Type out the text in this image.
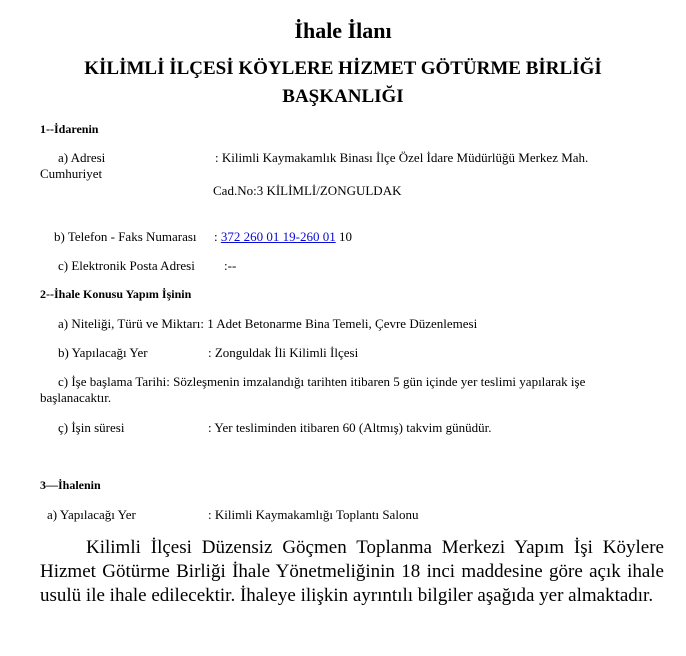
İhale İlanı
KİLİMLİ İLÇESİ KÖYLERE HİZMET GÖTÜRME BİRLİĞİ
BAŞKANLIĞI
1--İdarenin
a) Adresi	: Kilimli Kaymakamlık Binası İlçe Özel İdare Müdürlüğü Merkez Mah.
Cumhuriyet
Cad.No:3 KİLİMLİ/ZONGULDAK
b) Telefon - Faks Numarası : 372 260 01 19-260 01 10
c) Elektronik Posta Adresi :--
2--İhale Konusu Yapım İşinin
a) Niteliği, Türü ve Miktarı: 1 Adet Betonarme Bina Temeli, Çevre Düzenlemesi
b) Yapılacağı Yer	: Zonguldak İli Kilimli İlçesi
c) İşe başlama Tarihi: Sözleşmenin imzalandığı tarihten itibaren 5 gün içinde yer teslimi yapılarak işe
başlanacaktır.
ç) İşin süresi	: Yer tesliminden itibaren 60 (Altmış) takvim günüdür.
3—İhalenin
a) Yapılacağı Yer	: Kilimli Kaymakamlığı Toplantı Salonu
Kilimli İlçesi Düzensiz Göçmen Toplanma Merkezi Yapım İşi Köylere Hizmet Götürme Birliği İhale Yönetmeliğinin 18 inci maddesine göre açık ihale usulü ile ihale edilecektir. İhaleye ilişkin ayrıntılı bilgiler aşağıda yer almaktadır.
